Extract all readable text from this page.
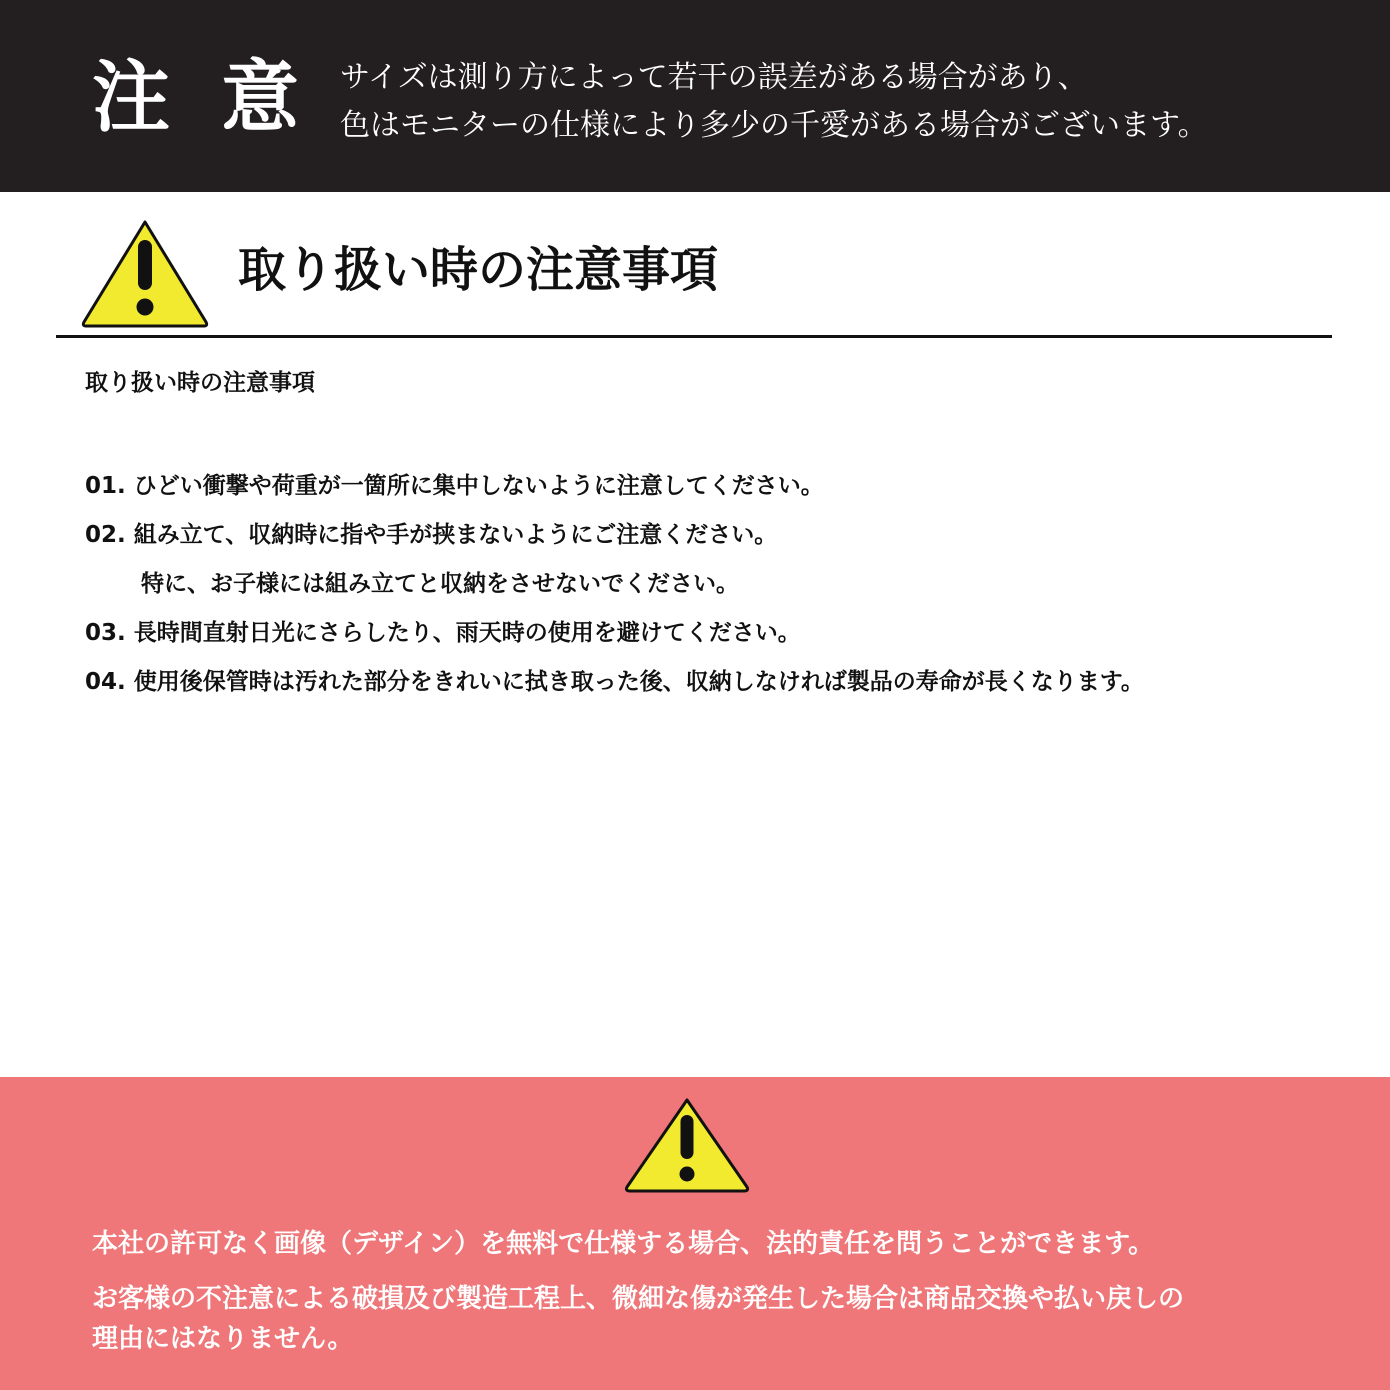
注 意 サイズは測り方によって若干の誤差がある場合があり、
色はモニターの仕様により多少の千愛がある場合がございます。
取り扱い時の注意事項
取り扱い時の注意事項
01. ひどい衝撃や荷重が一箇所に集中しないように注意してください。
02. 組み立て、収納時に指や手が挟まないようにご注意ください。
特に、お子様には組み立てと収納をさせないでください。
03. 長時間直射日光にさらしたり、雨天時の使用を避けてください。
04. 使用後保管時は汚れた部分をきれいに拭き取った後、収納しなければ製品の寿命が長くなります。
本社の許可なく画像（デザイン）を無料で仕様する場合、法的責任を問うことができます。
お客様の不注意による破損及び製造工程上、微細な傷が発生した場合は商品交換や払い戻しの
理由にはなりません。
